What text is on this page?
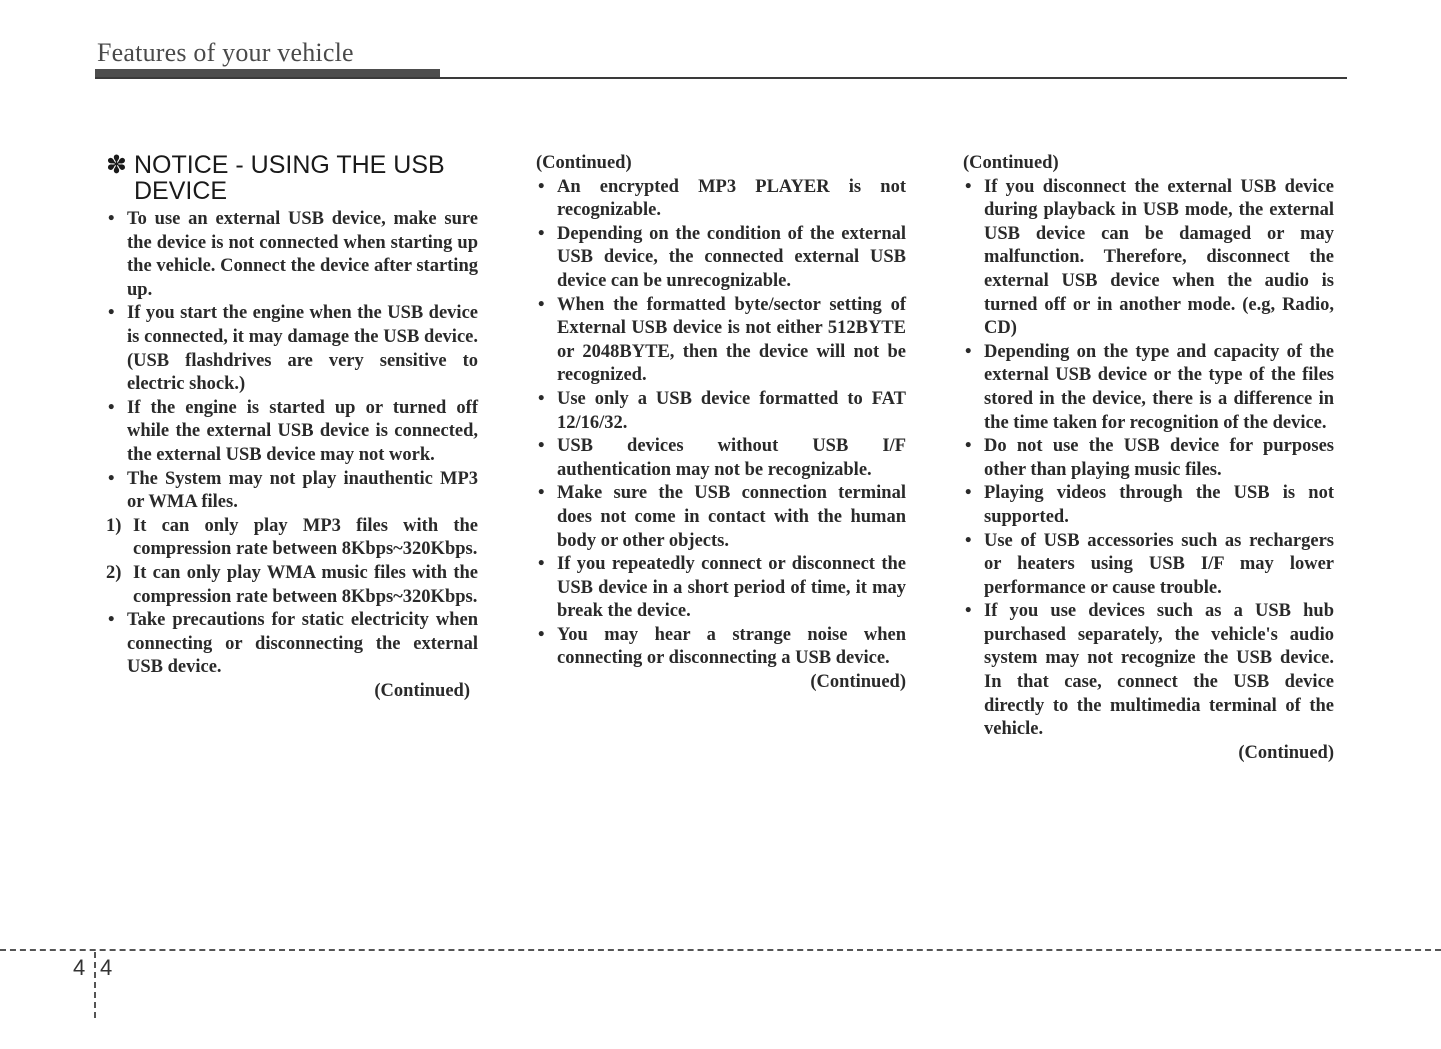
Features of your vehicle
✽ NOTICE - USING THE USB DEVICE
• To use an external USB device, make sure the device is not connected when starting up the vehicle. Connect the device after starting up.
• If you start the engine when the USB device is connected, it may damage the USB device. (USB flashdrives are very sensitive to electric shock.)
• If the engine is started up or turned off while the external USB device is connected, the external USB device may not work.
• The System may not play inauthentic MP3 or WMA files.
1) It can only play MP3 files with the compression rate between 8Kbps~320Kbps.
2) It can only play WMA music files with the compression rate between 8Kbps~320Kbps.
• Take precautions for static electricity when connecting or disconnecting the external USB device.
(Continued)
(Continued)
• An encrypted MP3 PLAYER is not recognizable.
• Depending on the condition of the external USB device, the connected external USB device can be unrecognizable.
• When the formatted byte/sector setting of External USB device is not either 512BYTE or 2048BYTE, then the device will not be recognized.
• Use only a USB device formatted to FAT 12/16/32.
• USB devices without USB I/F authentication may not be recognizable.
• Make sure the USB connection terminal does not come in contact with the human body or other objects.
• If you repeatedly connect or disconnect the USB device in a short period of time, it may break the device.
• You may hear a strange noise when connecting or disconnecting a USB device.
(Continued)
(Continued)
• If you disconnect the external USB device during playback in USB mode, the external USB device can be damaged or may malfunction. Therefore, disconnect the external USB device when the audio is turned off or in another mode. (e.g, Radio, CD)
• Depending on the type and capacity of the external USB device or the type of the files stored in the device, there is a difference in the time taken for recognition of the device.
• Do not use the USB device for purposes other than playing music files.
• Playing videos through the USB is not supported.
• Use of USB accessories such as rechargers or heaters using USB I/F may lower performance or cause trouble.
• If you use devices such as a USB hub purchased separately, the vehicle's audio system may not recognize the USB device. In that case, connect the USB device directly to the multimedia terminal of the vehicle.
(Continued)
4 4
